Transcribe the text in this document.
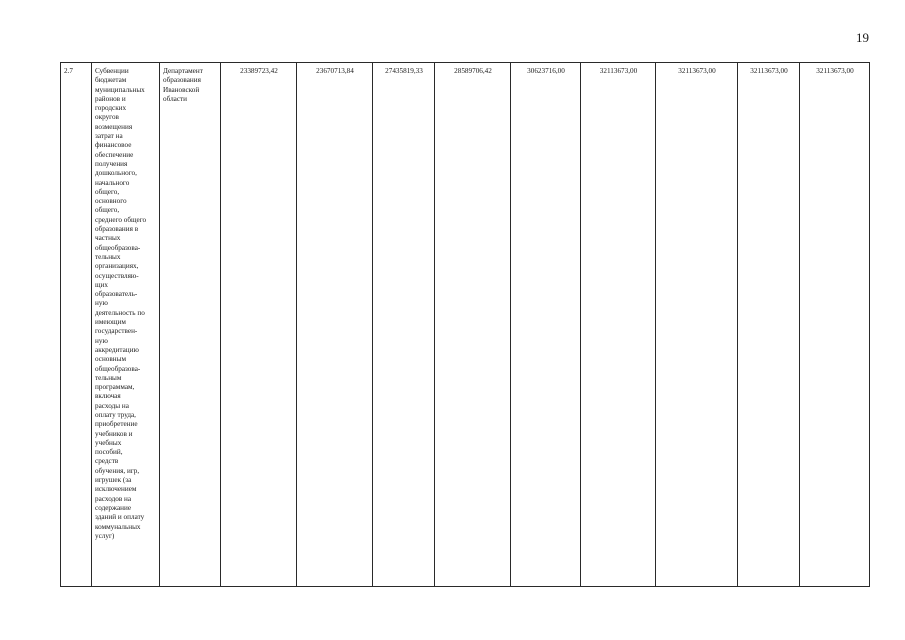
19
2.7	Субвенции
бюджетам
муниципальных
районов и
городских
округов
возмещения
затрат на
финансовое
обеспечение
получения
дошкольного,
начального
общего,
основного
общего,
среднего общего
образования в
частных
общеобразова-
тельных
организациях,
осуществляю-
щих
образователь-
ную
деятельность по
имеющим
государствен-
ную
аккредитацию
основным
общеобразова-
тельным
программам,
включая
расходы на
оплату труда,
приобретение
учебников и
учебных
пособий,
средств
обучения, игр,
игрушек (за
исключением
расходов на
содержание
зданий и оплату
коммунальных
услуг)	Департамент
образования
Ивановской
области	23389723,42	23670713,84	27435819,33	28589706,42	30623716,00	32113673,00	32113673,00	32113673,00	32113673,00
